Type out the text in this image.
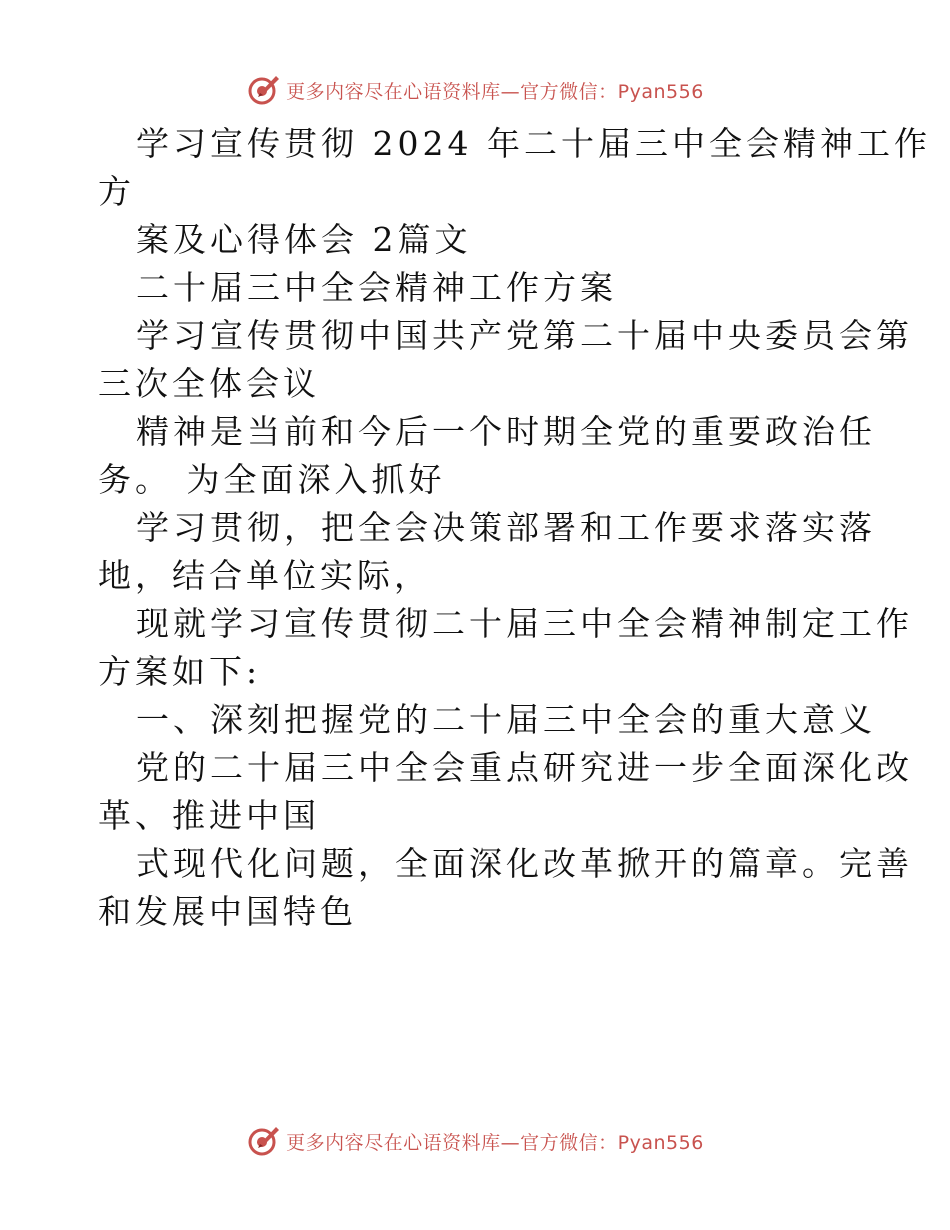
更多内容尽在心语资料库—官方微信：Pyan556
学习宣传贯彻 2024 年二十届三中全会精神工作
方
案及心得体会 2篇文
二十届三中全会精神工作方案
学习宣传贯彻中国共产党第二十届中央委员会第
三次全体会议
精神是当前和今后一个时期全党的重要政治任
务。 为全面深入抓好
学习贯彻，把全会决策部署和工作要求落实落
地，结合单位实际，
现就学习宣传贯彻二十届三中全会精神制定工作
方案如下:
一、深刻把握党的二十届三中全会的重大意义
党的二十届三中全会重点研究进一步全面深化改
革、推进中国
式现代化问题，全面深化改革掀开的篇章。完善
和发展中国特色
更多内容尽在心语资料库—官方微信：Pyan556
